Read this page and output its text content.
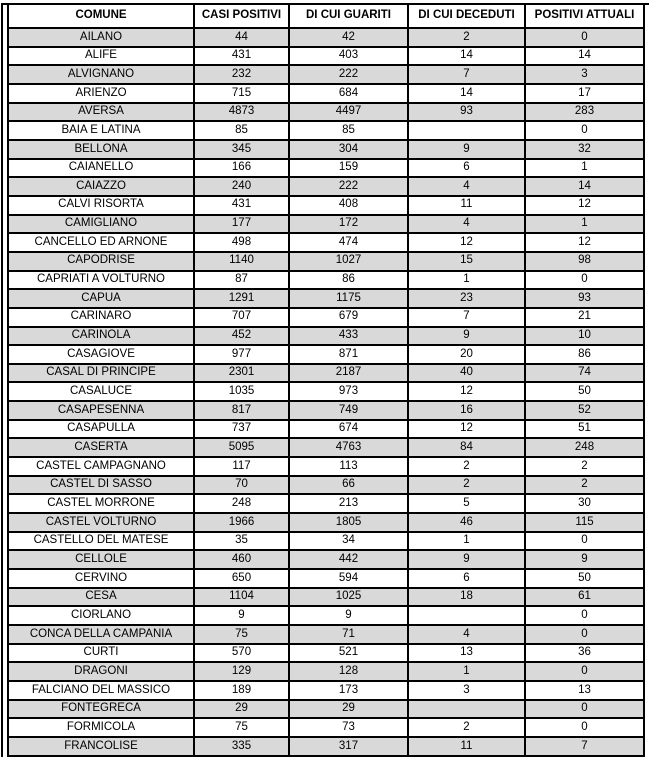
COMUNE	CASI POSITIVI	DI CUI GUARITI	DI CUI DECEDUTI	POSITIVI ATTUALI
AILANO	44	42	2	0
ALIFE	431	403	14	14
ALVIGNANO	232	222	7	3
ARIENZO	715	684	14	17
AVERSA	4873	4497	93	283
BAIA E LATINA	85	85		0
BELLONA	345	304	9	32
CAIANELLO	166	159	6	1
CAIAZZO	240	222	4	14
CALVI RISORTA	431	408	11	12
CAMIGLIANO	177	172	4	1
CANCELLO ED ARNONE	498	474	12	12
CAPODRISE	1140	1027	15	98
CAPRIATI A VOLTURNO	87	86	1	0
CAPUA	1291	1175	23	93
CARINARO	707	679	7	21
CARINOLA	452	433	9	10
CASAGIOVE	977	871	20	86
CASAL DI PRINCIPE	2301	2187	40	74
CASALUCE	1035	973	12	50
CASAPESENNA	817	749	16	52
CASAPULLA	737	674	12	51
CASERTA	5095	4763	84	248
CASTEL CAMPAGNANO	117	113	2	2
CASTEL DI SASSO	70	66	2	2
CASTEL MORRONE	248	213	5	30
CASTEL VOLTURNO	1966	1805	46	115
CASTELLO DEL MATESE	35	34	1	0
CELLOLE	460	442	9	9
CERVINO	650	594	6	50
CESA	1104	1025	18	61
CIORLANO	9	9		0
CONCA DELLA CAMPANIA	75	71	4	0
CURTI	570	521	13	36
DRAGONI	129	128	1	0
FALCIANO DEL MASSICO	189	173	3	13
FONTEGRECA	29	29		0
FORMICOLA	75	73	2	0
FRANCOLISE	335	317	11	7
